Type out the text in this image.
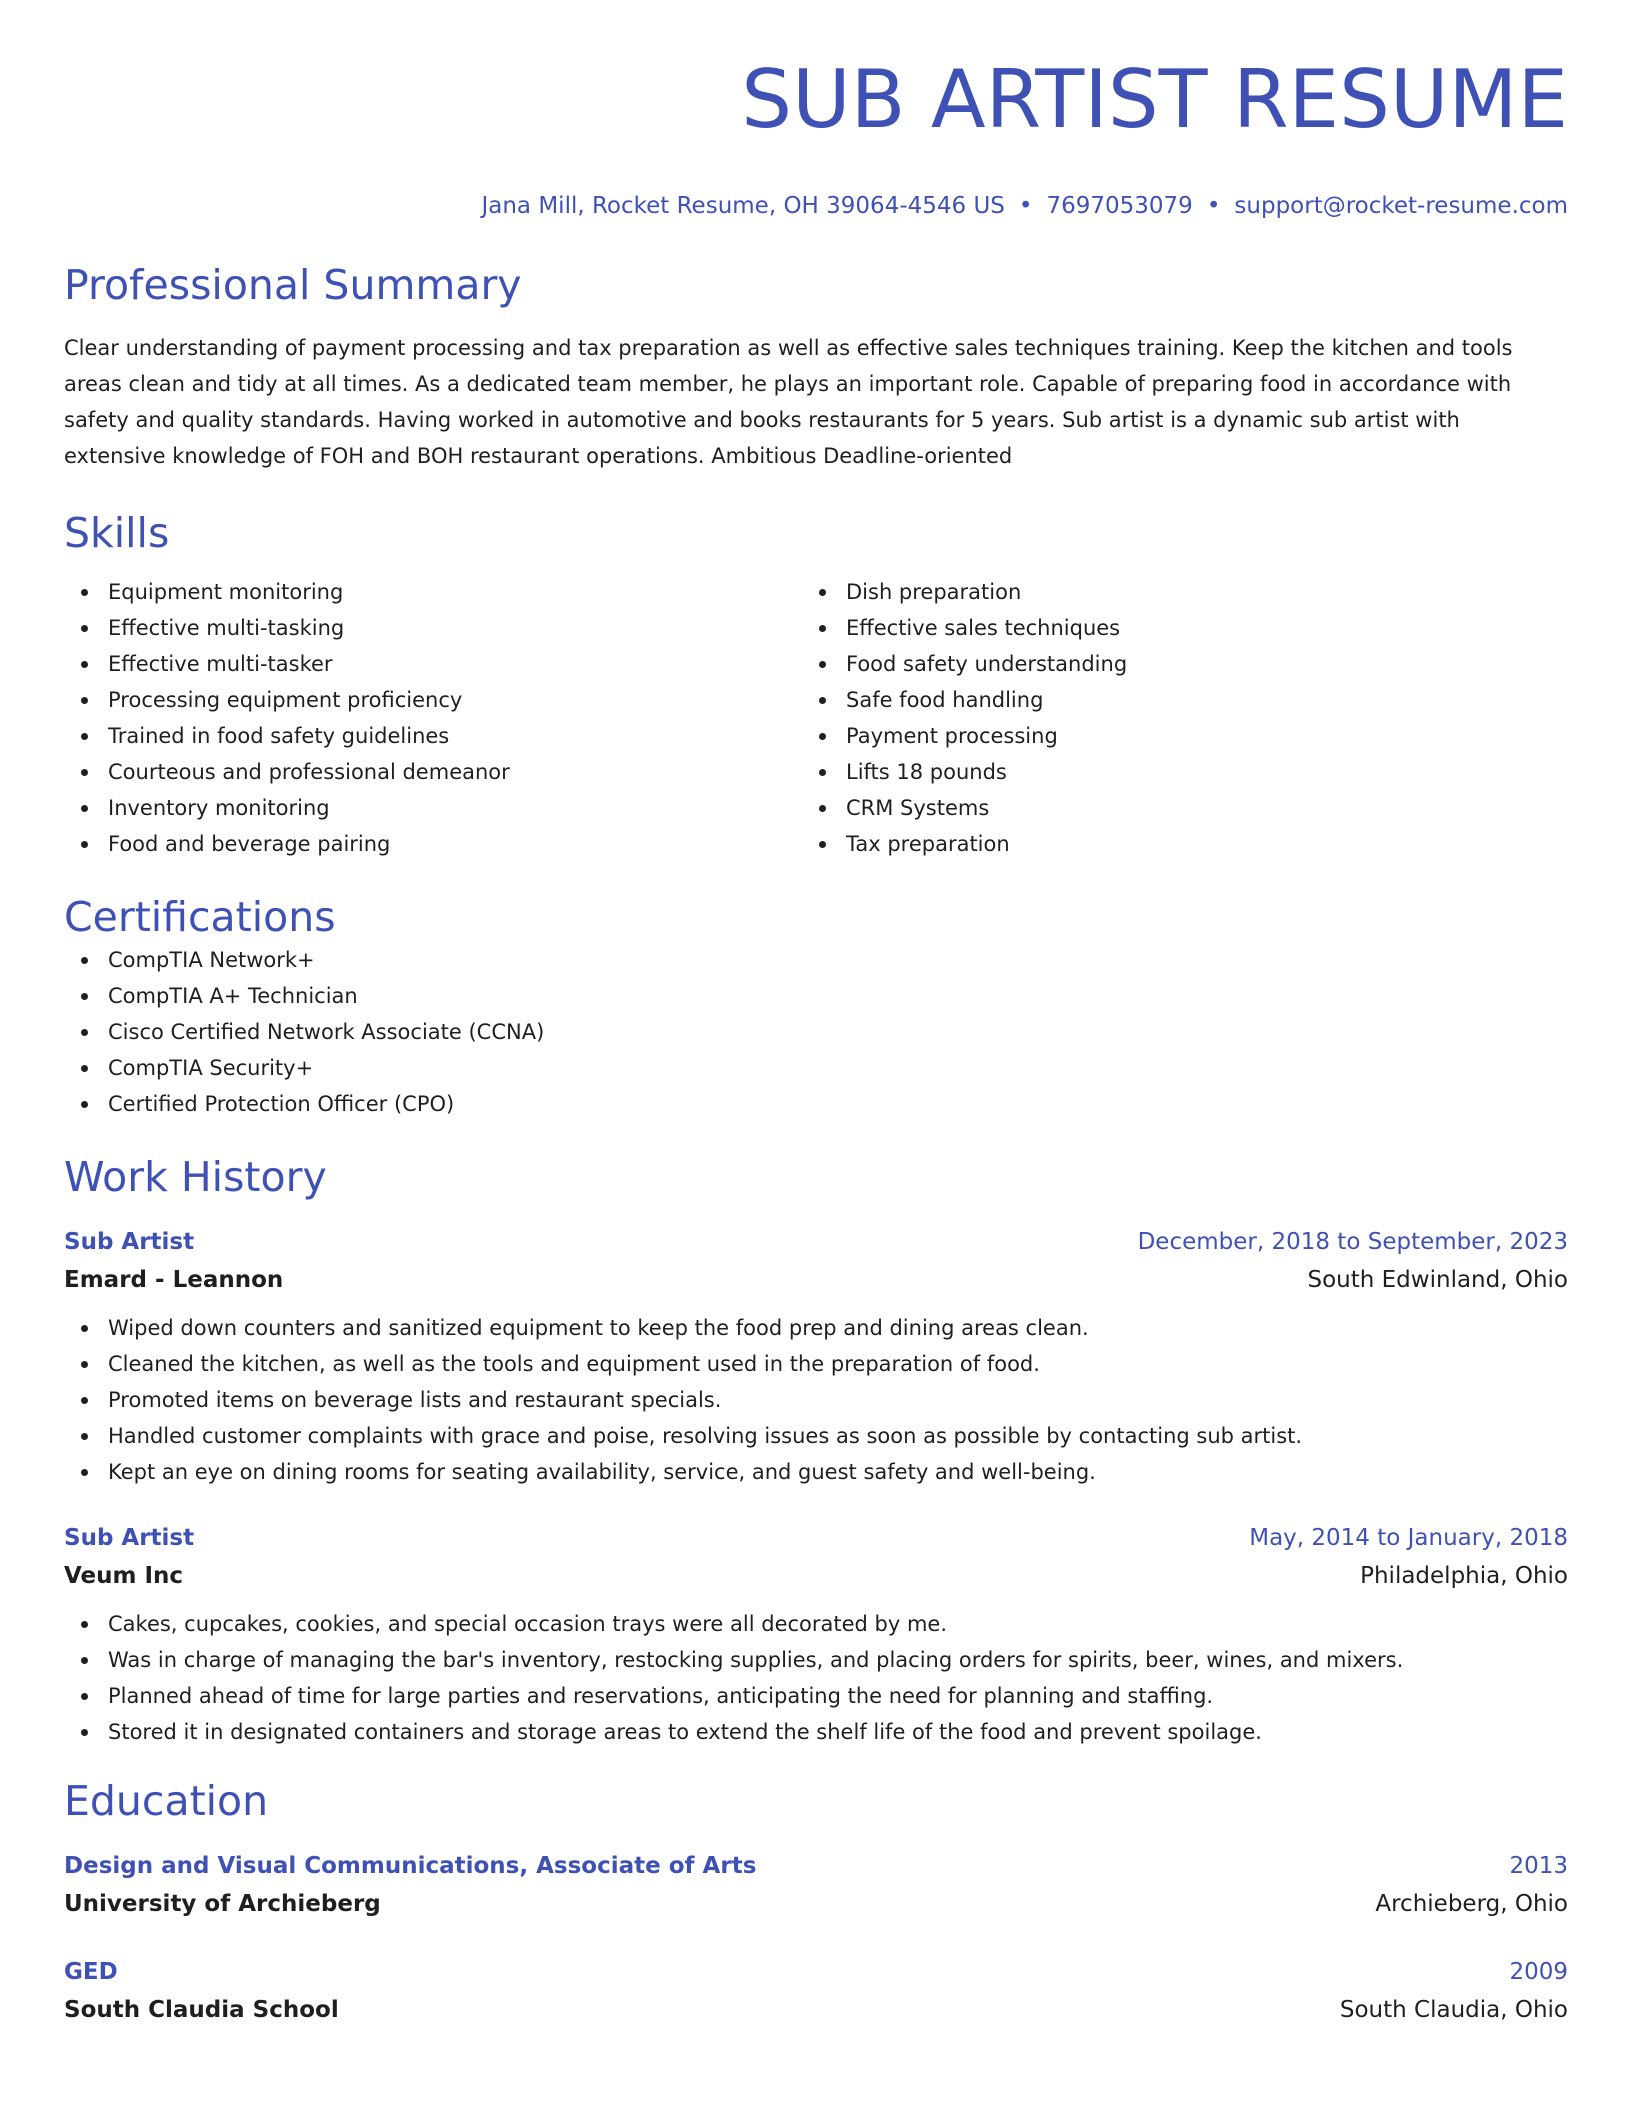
SUB ARTIST RESUME
Jana Mill, Rocket Resume, OH 39064-4546 US • 7697053079 • support@rocket-resume.com
Professional Summary

Clear understanding of payment processing and tax preparation as well as effective sales techniques training. Keep the kitchen and tools areas clean and tidy at all times. As a dedicated team member, he plays an important role. Capable of preparing food in accordance with safety and quality standards. Having worked in automotive and books restaurants for 5 years. Sub artist is a dynamic sub artist with extensive knowledge of FOH and BOH restaurant operations. Ambitious Deadline-oriented

Skills
Equipment monitoring
Effective multi-tasking
Effective multi-tasker
Processing equipment proficiency
Trained in food safety guidelines
Courteous and professional demeanor
Inventory monitoring
Food and beverage pairing
Dish preparation
Effective sales techniques
Food safety understanding
Safe food handling
Payment processing
Lifts 18 pounds
CRM Systems
Tax preparation
Certifications
CompTIA Network+
CompTIA A+ Technician
Cisco Certified Network Associate (CCNA)
CompTIA Security+
Certified Protection Officer (CPO)
Work History
Sub Artist	December, 2018 to September, 2023
Emard - Leannon	South Edwinland, Ohio
Wiped down counters and sanitized equipment to keep the food prep and dining areas clean.
Cleaned the kitchen, as well as the tools and equipment used in the preparation of food.
Promoted items on beverage lists and restaurant specials.
Handled customer complaints with grace and poise, resolving issues as soon as possible by contacting sub artist.
Kept an eye on dining rooms for seating availability, service, and guest safety and well-being.
Sub Artist	May, 2014 to January, 2018
Veum Inc	Philadelphia, Ohio
Cakes, cupcakes, cookies, and special occasion trays were all decorated by me.
Was in charge of managing the bar's inventory, restocking supplies, and placing orders for spirits, beer, wines, and mixers.
Planned ahead of time for large parties and reservations, anticipating the need for planning and staffing.
Stored it in designated containers and storage areas to extend the shelf life of the food and prevent spoilage.
Education
Design and Visual Communications, Associate of Arts	2013
University of Archieberg	Archieberg, Ohio
GED	2009
South Claudia School	South Claudia, Ohio
